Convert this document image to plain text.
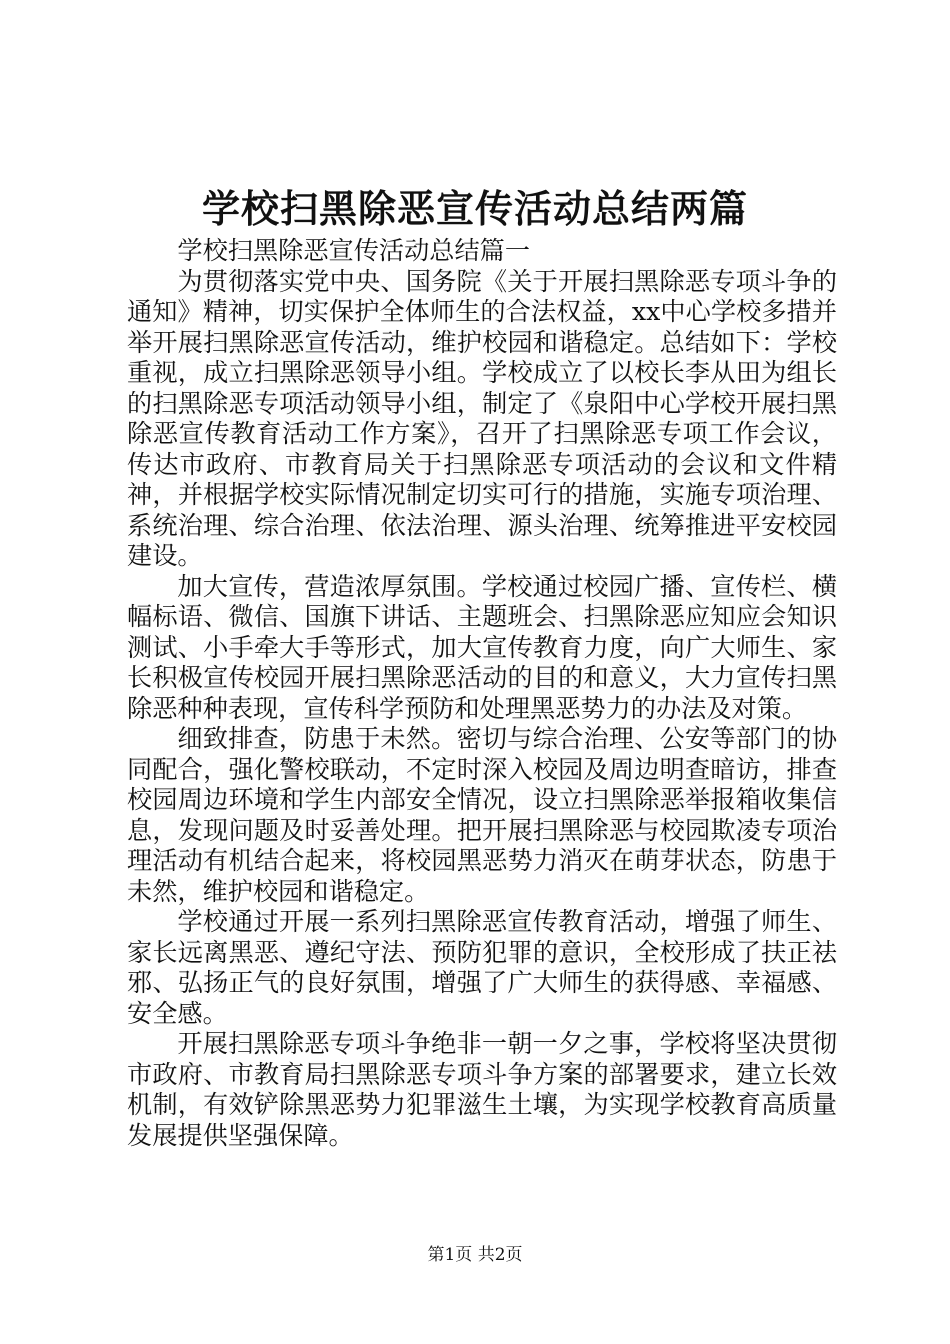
学校扫黑除恶宣传活动总结两篇

学校扫黑除恶宣传活动总结篇一

为贯彻落实党中央、国务院《关于开展扫黑除恶专项斗争的通知》精神，切实保护全体师生的合法权益，xx中心学校多措并举开展扫黑除恶宣传活动，维护校园和谐稳定。总结如下：学校重视，成立扫黑除恶领导小组。学校成立了以校长李从田为组长的扫黑除恶专项活动领导小组，制定了《泉阳中心学校开展扫黑除恶宣传教育活动工作方案》，召开了扫黑除恶专项工作会议，传达市政府、市教育局关于扫黑除恶专项活动的会议和文件精神，并根据学校实际情况制定切实可行的措施，实施专项治理、系统治理、综合治理、依法治理、源头治理、统筹推进平安校园建设。

加大宣传，营造浓厚氛围。学校通过校园广播、宣传栏、横幅标语、微信、国旗下讲话、主题班会、扫黑除恶应知应会知识测试、小手牵大手等形式，加大宣传教育力度，向广大师生、家长积极宣传校园开展扫黑除恶活动的目的和意义，大力宣传扫黑除恶种种表现，宣传科学预防和处理黑恶势力的办法及对策。

细致排查，防患于未然。密切与综合治理、公安等部门的协同配合，强化警校联动，不定时深入校园及周边明查暗访，排查校园周边环境和学生内部安全情况，设立扫黑除恶举报箱收集信息，发现问题及时妥善处理。把开展扫黑除恶与校园欺凌专项治理活动有机结合起来，将校园黑恶势力消灭在萌芽状态，防患于未然，维护校园和谐稳定。

学校通过开展一系列扫黑除恶宣传教育活动，增强了师生、家长远离黑恶、遵纪守法、预防犯罪的意识，全校形成了扶正祛邪、弘扬正气的良好氛围，增强了广大师生的获得感、幸福感、安全感。

开展扫黑除恶专项斗争绝非一朝一夕之事，学校将坚决贯彻市政府、市教育局扫黑除恶专项斗争方案的部署要求，建立长效机制，有效铲除黑恶势力犯罪滋生土壤，为实现学校教育高质量发展提供坚强保障。

第1页 共2页
